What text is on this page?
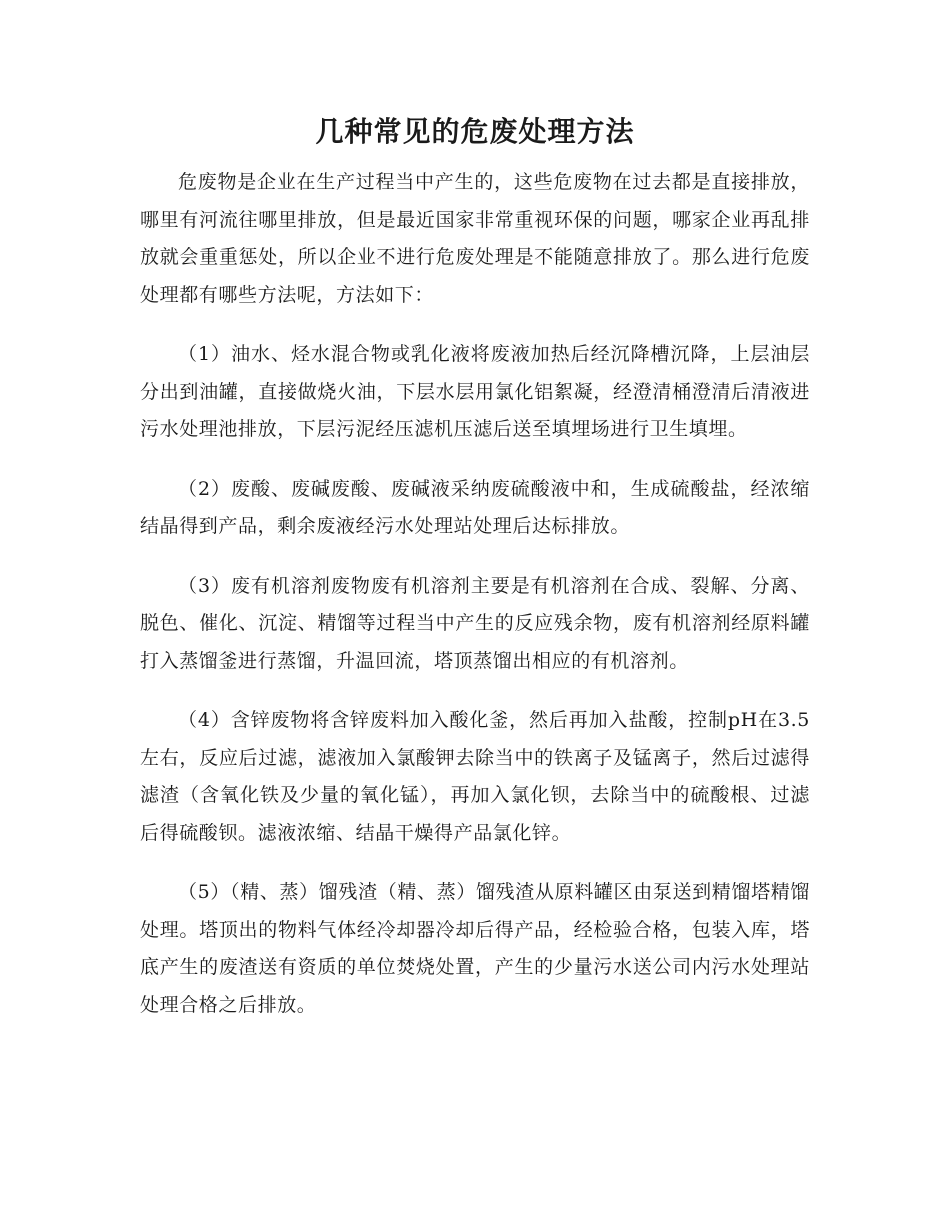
几种常见的危废处理方法

危废物是企业在生产过程当中产生的，这些危废物在过去都是直接排放，哪里有河流往哪里排放，但是最近国家非常重视环保的问题，哪家企业再乱排放就会重重惩处，所以企业不进行危废处理是不能随意排放了。那么进行危废处理都有哪些方法呢，方法如下：

（1）油水、烃水混合物或乳化液将废液加热后经沉降槽沉降，上层油层分出到油罐，直接做烧火油，下层水层用氯化铝絮凝，经澄清桶澄清后清液进污水处理池排放，下层污泥经压滤机压滤后送至填埋场进行卫生填埋。

（2）废酸、废碱废酸、废碱液采纳废硫酸液中和，生成硫酸盐，经浓缩结晶得到产品，剩余废液经污水处理站处理后达标排放。

（3）废有机溶剂废物废有机溶剂主要是有机溶剂在合成、裂解、分离、脱色、催化、沉淀、精馏等过程当中产生的反应残余物，废有机溶剂经原料罐打入蒸馏釜进行蒸馏，升温回流，塔顶蒸馏出相应的有机溶剂。

（4）含锌废物将含锌废料加入酸化釜，然后再加入盐酸，控制pH在3.5左右，反应后过滤，滤液加入氯酸钾去除当中的铁离子及锰离子，然后过滤得滤渣（含氧化铁及少量的氧化锰），再加入氯化钡，去除当中的硫酸根、过滤后得硫酸钡。滤液浓缩、结晶干燥得产品氯化锌。

（5）（精、蒸）馏残渣（精、蒸）馏残渣从原料罐区由泵送到精馏塔精馏处理。塔顶出的物料气体经冷却器冷却后得产品，经检验合格，包装入库，塔底产生的废渣送有资质的单位焚烧处置，产生的少量污水送公司内污水处理站处理合格之后排放。
